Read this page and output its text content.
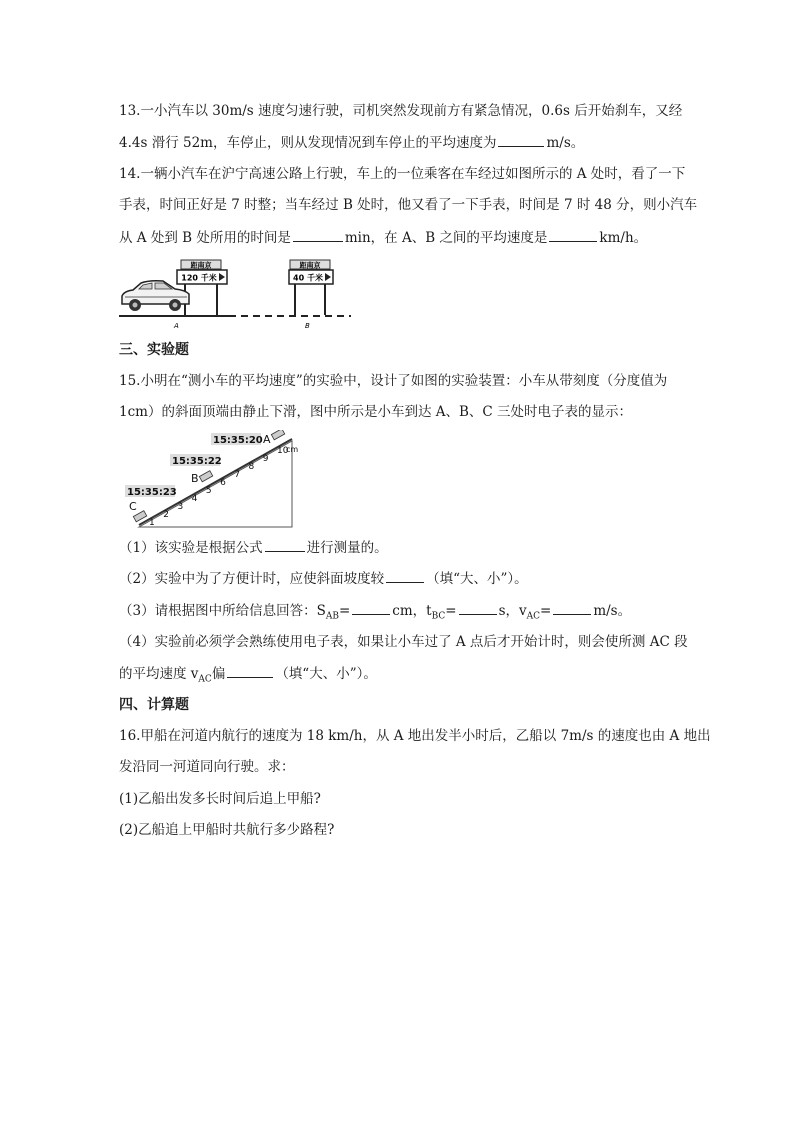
13.一小汽车以 30m/s 速度匀速行驶，司机突然发现前方有紧急情况，0.6s 后开始刹车，又经
4.4s 滑行 52m，车停止，则从发现情况到车停止的平均速度为	m/s。
14.一辆小汽车在沪宁高速公路上行驶，车上的一位乘客在车经过如图所示的 A 处时，看了一下
手表，时间正好是 7 时整；当车经过 B 处时，他又看了一下手表，时间是 7 时 48 分，则小汽车
从 A 处到 B 处所用的时间是	min，在 A、B 之间的平均速度是	km/h。
距南京
120 千米
距南京
40 千米
A	B
三、实验题
15.小明在“测小车的平均速度”的实验中，设计了如图的实验装置：小车从带刻度（分度值为
1cm）的斜面顶端由静止下滑，图中所示是小车到达 A、B、C 三处时电子表的显示：
15:35:20 A
15:35:22
B
15:35:23
C
1
2
3
4
5
6
7
8
9
10
cm
（1）该实验是根据公式	进行测量的。
（2）实验中为了方便计时，应使斜面坡度较	（填“大、小”）。
（3）请根据图中所给信息回答：$S_{AB}=$	cm，$t_{BC}=$	s，$v_{AC}=$	m/s。
（4）实验前必须学会熟练使用电子表，如果让小车过了 A 点后才开始计时，则会使所测 AC 段
的平均速度 $v_{AC}$偏	（填“大、小”）。
四、计算题
16.甲船在河道内航行的速度为 18 km/h，从 A 地出发半小时后，乙船以 7m/s 的速度也由 A 地出
发沿同一河道同向行驶。求：
(1)乙船出发多长时间后追上甲船?
(2)乙船追上甲船时共航行多少路程?
